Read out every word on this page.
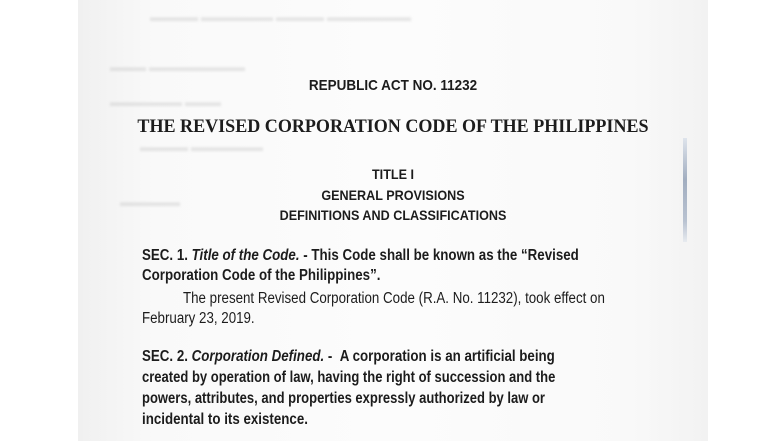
▬▬▬▬ ▬▬▬▬▬▬ ▬▬▬▬ ▬▬▬▬▬▬▬
▬▬▬ ▬▬▬▬▬▬▬▬
▬▬▬▬▬▬ ▬▬▬
▬▬▬▬ ▬▬▬▬▬▬
▬▬▬▬▬
REPUBLIC ACT NO. 11232
THE REVISED CORPORATION CODE OF THE PHILIPPINES
TITLE I
GENERAL PROVISIONS
DEFINITIONS AND CLASSIFICATIONS
SEC. 1. Title of the Code. - This Code shall be known as the “Revised
Corporation Code of the Philippines”.
The present Revised Corporation Code (R.A. No. 11232), took effect on
February 23, 2019.
SEC. 2. Corporation Defined. -  A corporation is an artificial being
created by operation of law, having the right of succession and the
powers, attributes, and properties expressly authorized by law or
incidental to its existence.
